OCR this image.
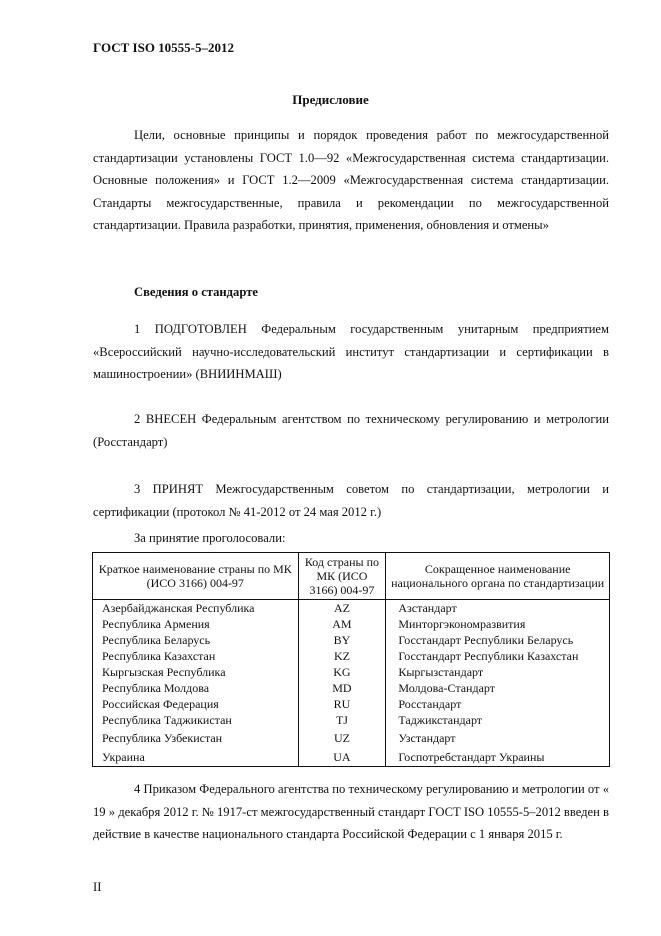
ГОСТ ISO 10555-5–2012
Предисловие
Цели, основные принципы и порядок проведения работ по межгосударственной стандартизации установлены ГОСТ 1.0—92 «Межгосударственная система стандартизации. Основные положения» и ГОСТ 1.2—2009 «Межгосударственная система стандартизации. Стандарты межгосударственные, правила и рекомендации по межгосударственной стандартизации. Правила разработки, принятия, применения, обновления и отмены»
Сведения о стандарте
1 ПОДГОТОВЛЕН Федеральным государственным унитарным предприятием «Всероссийский научно-исследовательский институт стандартизации и сертификации в машиностроении» (ВНИИНМАШ)
2 ВНЕСЕН Федеральным агентством по техническому регулированию и метрологии (Росстандарт)
3 ПРИНЯТ Межгосударственным советом по стандартизации, метрологии и сертификации (протокол № 41-2012 от 24 мая 2012 г.)
За принятие проголосовали:
Краткое наименование страны по МК (ИСО 3166) 004-97	Код страны по МК (ИСО 3166) 004-97	Сокращенное наименование национального органа по стандартизации
Азербайджанская Республика	AZ	Азстандарт
Республика Армения	AM	Минторгэкономразвития
Республика Беларусь	BY	Госстандарт Республики Беларусь
Республика Казахстан	KZ	Госстандарт Республики Казахстан
Кыргызская Республика	KG	Кыргызстандарт
Республика Молдова	MD	Молдова-Стандарт
Российская Федерация	RU	Росстандарт
Республика Таджикистан	TJ	Таджикстандарт
Республика Узбекистан	UZ	Узстандарт
Украина	UA	Госпотребстандарт Украины
4 Приказом Федерального агентства по техническому регулированию и метрологии от « 19 » декабря 2012 г. № 1917-ст межгосударственный стандарт ГОСТ ISO 10555-5–2012 введен в действие в качестве национального стандарта Российской Федерации с 1 января 2015 г.
II
